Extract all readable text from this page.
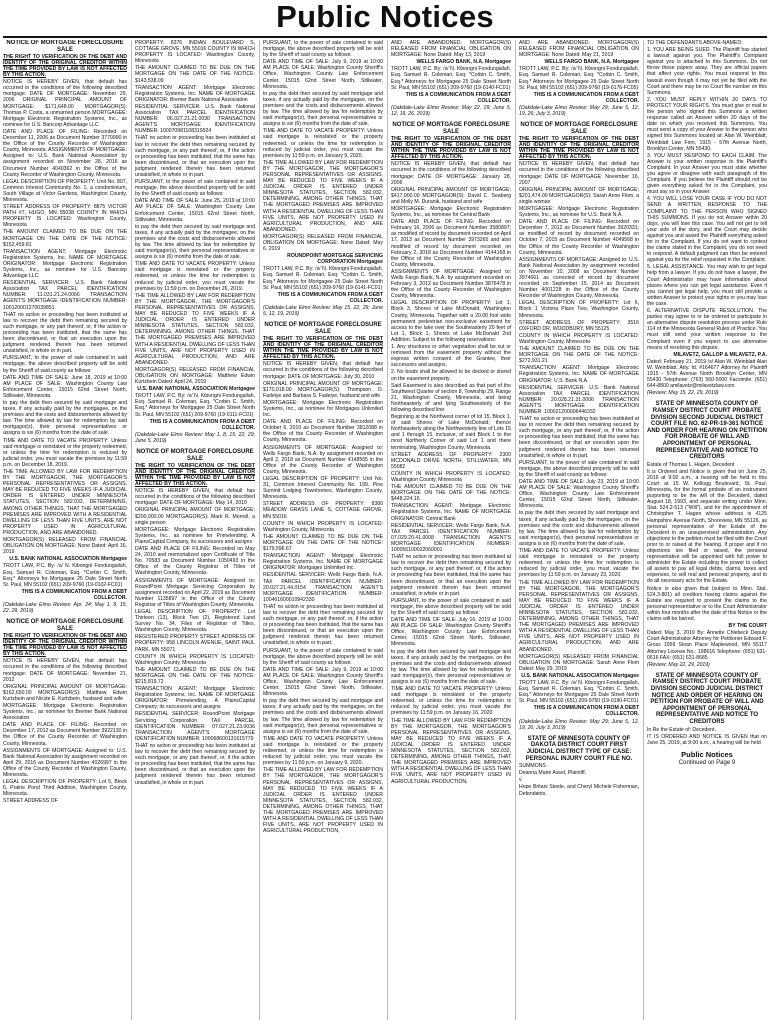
Public Notices
NOTICE OF MORTGAGE FORECLOSURE SALE
THE RIGHT TO VERIFICATION OF THE DEBT AND IDENTITY OF THE ORIGINAL CREDITOR WITHIN THE TIME PROVIDED BY LAW IS NOT AFFECTED BY THIS ACTION.

NOTICE IS HEREBY GIVEN, that default has occurred in the conditions of the following described mortgage: DATE OF MORTGAGE: November 29, 2006 ORIGINAL PRINCIPAL AMOUNT OF MORTGAGE: $171,648.00 MORTGAGOR(S): Thomas P. Costa, a unmarried person MORTGAGEE: Mortgage Electronic Registration Systems, Inc., as nominee for U.S. Bancorp Advantage LLC

DATE AND PLACE OF FILING: Recorded on December 11, 2006 as Document Number 3770990 in the Office of the County Recorder of Washington County, Minnesota. ASSIGNMENTS OF MORTGAGE: Assigned to: U.S. Bank National Association by assignment recorded on November 28, 2016 as Document Number 4040362 in the Office of the County Recorder of Washington County, Minnesota.

LEGAL DESCRIPTION OF PROPERTY: Unit No. 807, Common Interest Community No. 1, a condominium, South Village at Victor Gardens, Washington County, Minnesota.

STREET ADDRESS OF PROPERTY: 8875 VICTOR PATH #7, HUGO, MN 55038 COUNTY IN WHICH PROPERTY IS LOCATED: Washington County, Minnesota

THE AMOUNT CLAIMED TO BE DUE ON THE MORTGAGE ON THE DATE OF THE NOTICE: $152,459.81

TRANSACTION AGENT: Mortgage Electronic Registration Systems, Inc. NAME OF MORTGAGE ORIGINATOR: Mortgage Electronic Registration Systems, Inc., as nominee for U.S. Bancorp Advantage LLC

RESIDENTIAL SERVICER: U.S. Bank National Association TAX PARCEL IDENTIFICATION NUMBER: 11.031.21.24.0066 TRANSACTION AGENT'S MORTGAGE IDENTIFICATION NUMBER: 100120001270039851

THAT no action or proceeding has been instituted at law to recover the debt then remaining secured by such mortgage, or any part thereof, or, if the action or proceeding has been instituted, that the same has been discontinued, or that an execution upon the judgment rendered therein has been returned unsatisfied, in whole or in part.

PURSUANT, to the power of sale contained in said mortgage, the above described property will be sold by the Sheriff of said county as follows:

DATE AND TIME OF SALE: June 18, 2019 at 10:00 AM PLACE OF SALE: Washington County Law Enforcement Center, 15015 62nd Street North, Stillwater, Minnesota.

to pay the debt then secured by said mortgage and taxes, if any actually paid by the mortgagee, on the premises and the costs and disbursements allowed by law. The time allowed by law for redemption by said mortgagor(s), their personal representatives or assigns is six (6) months from the date of sale.

TIME AND DATE TO VACATE PROPERTY: Unless said mortgage is reinstated or the property redeemed, or unless the time for redemption is reduced by judicial order, you must vacate the premises by 11:59 p.m. on December 18, 2019.

THE TIME ALLOWED BY LAW FOR REDEMPTION BY THE MORTGAGOR, THE MORTGAGOR'S PERSONAL REPRESENTATIVES OR ASSIGNS, MAY BE REDUCED TO FIVE WEEKS IF A JUDICIAL ORDER IS ENTERED UNDER MINNESOTA STATUTES, SECTION 582.032, DETERMINING, AMONG OTHER THINGS, THAT THE MORTGAGED PREMISES ARE IMPROVED WITH A RESIDENTIAL DWELLING OF LESS THAN FIVE UNITS, ARE NOT PROPERTY USED IN AGRICULTURAL PRODUCTION, AND ARE ABANDONED.

MORTGAGOR(S) RELEASED FROM FINANCIAL OBLIGATION ON MORTGAGE: None Dated: April 16, 2019

U.S. BANK NATIONAL ASSOCIATION Mortgagee

TROTT LAW, P.C. By: /s/ N. Kibongni Fondungallah, Esq. Samuel R. Coleman, Esq. *Corbin C. Smith, Esq.* Attorneys for Mortgagee 25 Dale Street North St. Paul, MN 55102 (651) 209-9760 (19-0102-FC01)

THIS IS A COMMUNICATION FROM A DEBT COLLECTOR.

(Oakdale-Lake Elmo Review: Apr. 24; May 1, 8, 15, 22, 29, 2019)

NOTICE OF MORTGAGE FORECLOSURE SALE
THE RIGHT TO VERIFICATION OF THE DEBT AND IDENTITY OF THE ORIGINAL CREDITOR WITHIN THE TIME PROVIDED BY LAW IS NOT AFFECTED BY THIS ACTION.

NOTICE IS HEREBY GIVEN, that default has occurred in the conditions of the following described mortgage: DATE OF MORTGAGE: November 21, 2012

ORIGINAL PRINCIPAL AMOUNT OF MORTGAGE: $162,650.00 MORTGAGOR(S): Matthew Edwin Kurtzbein and Nicole E. Kurtzbein, husband and wife

MORTGAGEE: Mortgage Electronic Registration Systems, Inc., as nominee for Bremer Bank National Association

DATE AND PLACE OF FILING: Recorded on December 17, 2012 as Document Number 3922130 in the Office of the County Recorder of Washington County, Minnesota.

ASSIGNMENTS OF MORTGAGE: Assigned to: U.S. Bank National Association by assignment recorded on April 29, 2016 as Document Number 4026997 in the Office of the County Recorder of Washington County, Minnesota.

LEGAL DESCRIPTION OF PROPERTY: Lot 5, Block 6, Prairie Pond Third Addition, Washington County, Minnesota.

STREET ADDRESS OF

PROPERTY: 8376 INDIAN BOULEVARD S, COTTAGE GROVE, MN 55016 COUNTY IN WHICH PROPERTY IS LOCATED: Washington County, Minnesota

THE AMOUNT CLAIMED TO BE DUE ON THE MORTGAGE ON THE DATE OF THE NOTICE: $143,538.09

TRANSACTION AGENT: Mortgage Electronic Registration Systems, Inc. NAME OF MORTGAGE ORIGINATOR: Bremer Bank National Association

RESIDENTIAL SERVICER: U.S. Bank National Association TAX PARCEL IDENTIFICATION NUMBER: 06.027.21.21.0030 TRANSACTION AGENT'S MORTGAGE IDENTIFICATION NUMBER: 100070981108319524

THAT no action or proceeding has been instituted at law to recover the debt then remaining secured by such mortgage, or any part thereof, or, if the action or proceeding has been instituted, that the same has been discontinued, or that an execution upon the judgment rendered therein has been returned unsatisfied, in whole or in part.

PURSUANT, to the power of sale contained in said mortgage, the above described property will be sold by the Sheriff of said county as follows:

DATE AND TIME OF SALE: June 25, 2019 at 10:00 AM PLACE OF SALE: Washington County Law Enforcement Center, 15015 62nd Street North, Stillwater, Minnesota.

to pay the debt then secured by said mortgage and taxes, if any actually paid by the mortgagee, on the premises and the costs and disbursements allowed by law. The time allowed by law for redemption by said mortgagor(s), their personal representatives or assigns is six (6) months from the date of sale.

TIME AND DATE TO VACATE PROPERTY: Unless said mortgage is reinstated or the property redeemed, or unless the time for redemption is reduced by judicial order, you must vacate the premises by 11:59 p.m. on December 26, 2019.

THE TIME ALLOWED BY LAW FOR REDEMPTION BY THE MORTGAGOR, THE MORTGAGOR'S PERSONAL REPRESENTATIVES OR ASSIGNS, MAY BE REDUCED TO FIVE WEEKS IF A JUDICIAL ORDER IS ENTERED UNDER MINNESOTA STATUTES, SECTION 582.032, DETERMINING, AMONG OTHER THINGS, THAT THE MORTGAGED PREMISES ARE IMPROVED WITH A RESIDENTIAL DWELLING OF LESS THAN FIVE UNITS, ARE NOT PROPERTY USED IN AGRICULTURAL PRODUCTION, AND ARE ABANDONED.

MORTGAGOR(S) RELEASED FROM FINANCIAL OBLIGATION ON MORTGAGE: Matthew Edwin Kurtzbein Dated: April 24, 2019

U.S. BANK NATIONAL ASSOCIATION Mortgagee

TROTT LAW, P.C. By: /s/ N. Kibongni Fondungallah, Esq. Samuel R. Coleman, Esq. *Corbin C. Smith, Esq.* Attorneys for Mortgagee 25 Dale Street North St. Paul, MN 55102 (651) 209-9760 (19-0111-FC01)

THIS IS A COMMUNICATION FROM A DEBT COLLECTOR.

(Oakdale-Lake Elmo Review: May 1, 8, 15, 22, 29; June 5, 2019)

NOTICE OF MORTGAGE FORECLOSURE SALE
THE RIGHT TO VERIFICATION OF THE DEBT AND IDENTITY OF THE ORIGINAL CREDITOR WITHIN THE TIME PROVIDED BY LAW IS NOT AFFECTED BY THIS ACTION.

NOTICE IS HEREBY GIVEN, that default has occurred in the conditions of the following described mortgage: DATE OF MORTGAGE: May 14, 2010

ORIGINAL PRINCIPAL AMOUNT OF MORTGAGE: $200,000.00 MORTGAGOR(S): Mark R. Morrell, a single person

MORTGAGEE: Mortgage Electronic Registration Systems, Inc., as nominee for Primelending, A PlainsCapital Company, its successors and assigns

DATE AND PLACE OF FILING: Recorded on May 24, 2010 and memorialized upon Certificate of Title No. 70583 as Document Number 1050493 in the Office of the County Registrar of Titles of Washington County, Minnesota.

ASSIGNMENTS OF MORTGAGE: Assigned to: RoundPoint Mortgage Servicing Corporation by assignment recorded on April 22, 2019 as Document Number 1135897 in the Office of the County Registrar of Titles of Washington County, Minnesota.

LEGAL DESCRIPTION OF PROPERTY: Lot Thirteen (13), Block Two (2), Registered Land Survey No. 34, Files of Registrar of Titles, Washington County, Minnesota.

REGISTERED PROPERTY STREET ADDRESS OF PROPERTY: 958 LINCOLN AVENUE, SAINT PAUL PARK, MN 55071

COUNTY IN WHICH PROPERTY IS LOCATED: Washington County, Minnesota

THE AMOUNT CLAIMED TO BE DUE ON THE MORTGAGE ON THE DATE OF THE NOTICE: $215,819.72

TRANSACTION AGENT: Mortgage Electronic Registration Systems, Inc. NAME OF MORTGAGE ORIGINATOR: Primelending, A PlainsCapital Company, its successors and assigns

RESIDENTIAL SERVICER: RoundPoint Mortgage Servicing Corporation TAX PARCEL IDENTIFICATION NUMBER: 07.027.21.23.0036 TRANSACTION AGENT'S MORTGAGE IDENTIFICATION NUMBER: 100068600131615779

THAT no action or proceeding has been instituted at law to recover the debt then remaining secured by such mortgage, or any part thereof, or, if the action or proceeding has been instituted, that the same has been discontinued, or that an execution upon the judgment rendered therein has been returned unsatisfied, in whole or in part.

PURSUANT, to the power of sale contained in said mortgage, the above described property will be sold by the Sheriff of said county as follows:

DATE AND TIME OF SALE: July 9, 2019 at 10:00 AM PLACE OF SALE: Washington County Sheriff's Office, Washington County Law Enforcement Center, 15015 62nd Street North, Stillwater, Minnesota.

to pay the debt then secured by said mortgage and taxes, if any actually paid by the mortgagee, on the premises and the costs and disbursements allowed by law. The time allowed by law for redemption by said mortgagor(s), their personal representatives or assigns is six (6) months from the date of sale.

TIME AND DATE TO VACATE PROPERTY: Unless said mortgage is reinstated or the property redeemed, or unless the time for redemption is reduced by judicial order, you must vacate the premises by 11:59 p.m. on January 9, 2020.

THE TIME ALLOWED BY LAW FOR REDEMPTION BY THE MORTGAGOR, THE MORTGAGOR'S PERSONAL REPRESENTATIVES OR ASSIGNS, MAY BE REDUCED TO FIVE WEEKS IF A JUDICIAL ORDER IS ENTERED UNDER MINNESOTA STATUTES, SECTION 582.032, DETERMINING, AMONG OTHER THINGS, THAT THE MORTGAGED PREMISES ARE IMPROVED WITH A RESIDENTIAL DWELLING OF LESS THAN FIVE UNITS, ARE NOT PROPERTY USED IN AGRICULTURAL PRODUCTION, AND ARE ABANDONED.

MORTGAGOR(S) RELEASED FROM FINANCIAL OBLIGATION ON MORTGAGE: None Dated: May 6, 2019

ROUNDPOINT MORTGAGE SERVICING CORPORATION Mortgagee

TROTT LAW, P.C. By: /s/ N. Kibongni Fondungallah, Esq. Samuel R. Coleman, Esq. *Corbin C. Smith, Esq.* Attorneys for Mortgagee 25 Dale Street North St. Paul, MN 55102 (651) 209-9760 (19-0141-FC01)

THIS IS A COMMUNICATION FROM A DEBT COLLECTOR.

(Oakdale-Lake Elmo Review: May 15, 22, 29; June 5, 12, 19, 2019)

NOTICE OF MORTGAGE FORECLOSURE SALE
THE RIGHT TO VERIFICATION OF THE DEBT AND IDENTITY OF THE ORIGINAL CREDITOR WITHIN THE TIME PROVIDED BY LAW IS NOT AFFECTED BY THIS ACTION.

NOTICE IS HEREBY GIVEN, that default has occurred in the conditions of the following described mortgage: DATE OF MORTGAGE: July 30, 2010

ORIGINAL PRINCIPAL AMOUNT OF MORTGAGE: $170,018.00 MORTGAGOR(S): Thompson O. Fadeiye and Barbara S. Fadeiye, husband and wife

MORTGAGEE: Mortgage Electronic Registration Systems, Inc., as nominee for Mortgages Unlimited Inc.

DATE AND PLACE OF FILING: Recorded on October 6, 2010 as Document Number 3812088 in the Office of the County Recorder of Washington County, Minnesota.

ASSIGNMENTS OF MORTGAGE: Assigned to: Wells Fargo Bank, N.A. by assignment recorded on April 2, 2018 as Document Number 4148565 in the Office of the County Recorder of Washington County, Minnesota.

LEGAL DESCRIPTION OF PROPERTY: Unit No. 31, Common Interest Community No. 199, Pine Summit Lodging Townhomes, Washington County, Minnesota.

STREET ADDRESS OF PROPERTY: 8380 MEADOW GRASS LANE S, COTTAGE GROVE, MN 55016

COUNTY IN WHICH PROPERTY IS LOCATED: Washington County, Minnesota

THE AMOUNT CLAIMED TO BE DUE ON THE MORTGAGE ON THE DATE OF THE NOTICE: $179,596.67

TRANSACTION AGENT: Mortgage Electronic Registration Systems, Inc. NAME OF MORTGAGE ORIGINATOR: Mortgages Unlimited Inc.

RESIDENTIAL SERVICER: Wells Fargo Bank, N.A. TAX PARCEL IDENTIFICATION NUMBER: 20.027.21.44.0154 TRANSACTION AGENT'S MORTGAGE IDENTIFICATION NUMBER: 100461600010942330

THAT no action or proceeding has been instituted at law to recover the debt then remaining secured by such mortgage, or any part thereof, or, if the action or proceeding has been instituted, that the same has been discontinued, or that an execution upon the judgment rendered therein has been returned unsatisfied, in whole or in part.

PURSUANT, to the power of sale contained in said mortgage, the above described property will be sold by the Sheriff of said county as follows:

DATE AND TIME OF SALE: July 9, 2019 at 10:00 AM PLACE OF SALE: Washington County Sheriff's Office, Washington County Law Enforcement Center, 15015 62nd Street North, Stillwater, Minnesota.

to pay the debt then secured by said mortgage and taxes, if any actually paid by the mortgagee, on the premises and the costs and disbursements allowed by law. The time allowed by law for redemption by said mortgagor(s), their personal representatives or assigns is six (6) months from the date of sale.

TIME AND DATE TO VACATE PROPERTY: Unless said mortgage is reinstated or the property redeemed, or unless the time for redemption is reduced by judicial order, you must vacate the premises by 11:59 p.m. on January 9, 2020.

THE TIME ALLOWED BY LAW FOR REDEMPTION BY THE MORTGAGOR, THE MORTGAGOR'S PERSONAL REPRESENTATIVES OR ASSIGNS, MAY BE REDUCED TO FIVE WEEKS IF A JUDICIAL ORDER IS ENTERED UNDER MINNESOTA STATUTES, SECTION 582.032, DETERMINING, AMONG OTHER THINGS, THAT THE MORTGAGED PREMISES ARE IMPROVED WITH A RESIDENTIAL DWELLING OF LESS THAN FIVE UNITS, ARE NOT PROPERTY USED IN AGRICULTURAL PRODUCTION,

AND ARE ABANDONED. MORTGAGOR(S) RELEASED FROM FINANCIAL OBLIGATION ON MORTGAGE: None Dated: May 13, 2019

WELLS FARGO BANK, N.A. Mortgagee

TROTT LAW, P.C. By: /s/ N. Kibongni Fondungallah, Esq. Samuel R. Coleman, Esq. *Corbin C. Smith, Esq.* Attorneys for Mortgagee 25 Dale Street North St. Paul, MN 55102 (651) 209-9760 (19-0140-FC01)

THIS IS A COMMUNICATION FROM A DEBT COLLECTOR.

(Oakdale-Lake Elmo Review: May 22, 29; June 5, 12, 19, 26, 2019)

NOTICE OF MORTGAGE FORECLOSURE SALE
THE RIGHT TO VERIFICATION OF THE DEBT AND IDENTITY OF THE ORIGINAL CREDITOR WITHIN THE TIME PROVIDED BY LAW IS NOT AFFECTED BY THIS ACTION.

NOTICE IS HEREBY GIVEN, that default has occurred in the conditions of the following described mortgage: DATE OF MORTGAGE: January 28, 2006

ORIGINAL PRINCIPAL AMOUNT OF MORTGAGE: $417,000.00 MORTGAGOR(S): David C. Seaberg and Molly M. Duranik, husband and wife

MORTGAGEE: Mortgage Electronic Registration Systems, Inc., as nominee for Central Bank

DATE AND PLACE OF FILING: Recorded on February 16, 2006 as Document Number 3580897; as modified of record by document recorded on April 17, 2013 as Document Number 3973265 and also modified of record by document recorded on February 2, 2018 as Document Number 4144168 in the Office of the County Recorder of Washington County, Minnesota.

ASSIGNMENTS OF MORTGAGE: Assigned to: Wells Fargo Bank, N.A. by assignment recorded on February 3, 2012 as Document Number 3876478 in the Office of the County Recorder of Washington County, Minnesota.

LEGAL DESCRIPTION OF PROPERTY: Lot 1, Block 3, Shores of Lake McDonald, Washington County, Minnesota. Together with a 20.00 foot wide permanent pedestrian non-exclusive easement for access to the lake over the Southeasterly 20 feet of Lot 1, Block 1, Shores of Lake McDonald 2nd Addition. Subject to the following reservations:

1. Any structures or other vegetation shall be cut or removed from the easement property without the express written consent of the Grantee, their successors and assigns.

2. No boats shall be allowed to be docked or stored on the easement property.

Said Easement is also described as that part of the Southwest Quarter of section 8, Township 29, Range 21, Washington County, Minnesota, and being Northeasterly of and lying Southwesterly of the following described line:

Beginning at the Northwest corner of lot 15, Block 1, of said Shores of Lake McDonald; thence Northeasterly along the Northwesterly line of Lots 15 and 1 through 15, inclusive, of said Block 1 to the most Northerly Corner of said Lot 1 and there terminating, Washington County, Minnesota.

STREET ADDRESS OF PROPERTY: 2300 MCDONALD DRIVE NORTH, STILLWATER, MN 55082

COUNTY IN WHICH PROPERTY IS LOCATED: Washington County, Minnesota

THE AMOUNT CLAIMED TO BE DUE ON THE MORTGAGE ON THE DATE OF THE NOTICE: $448,224.16

TRANSACTION AGENT: Mortgage Electronic Registration Systems, Inc. NAME OF MORTGAGE ORIGINATOR: Central Bank

RESIDENTIAL SERVICER: Wells Fargo Bank, N.A. TAX PARCEL IDENTIFICATION NUMBER: 07.029.20.41.0008 TRANSACTION AGENT'S MORTGAGE IDENTIFICATION NUMBER: 100056100022060001

THAT no action or proceeding has been instituted at law to recover the debt then remaining secured by such mortgage, or any part thereof, or, if the action or proceeding has been instituted, that the same has been discontinued, or that an execution upon the judgment rendered therein has been returned unsatisfied, in whole or in part.

PURSUANT, to the power of sale contained in said mortgage, the above described property will be sold by the Sheriff of said county as follows:

DATE AND TIME OF SALE: July 16, 2019 at 10:00 AM PLACE OF SALE: Washington County Sheriff's Office, Washington County Law Enforcement Center, 15015 62nd Street North, Stillwater, Minnesota.

to pay the debt then secured by said mortgage and taxes, if any actually paid by the mortgagee, on the premises and the costs and disbursements allowed by law. The time allowed by law for redemption by said mortgagor(s), their personal representatives or assigns is six (6) months from the date of sale.

TIME AND DATE TO VACATE PROPERTY: Unless said mortgage is reinstated or the property redeemed, or unless the time for redemption is reduced by judicial order, you must vacate the premises by 11:59 p.m. on January 16, 2020.

THE TIME ALLOWED BY LAW FOR REDEMPTION BY THE MORTGAGOR, THE MORTGAGOR'S PERSONAL REPRESENTATIVES OR ASSIGNS, MAY BE REDUCED TO FIVE WEEKS IF A JUDICIAL ORDER IS ENTERED UNDER MINNESOTA STATUTES, SECTION 582.032, DETERMINING, AMONG OTHER THINGS, THAT THE MORTGAGED PREMISES ARE IMPROVED WITH A RESIDENTIAL DWELLING OF LESS THAN FIVE UNITS, ARE NOT PROPERTY USED IN AGRICULTURAL PRODUCTION,

AND ARE ABANDONED. MORTGAGOR(S) RELEASED FROM FINANCIAL OBLIGATION ON MORTGAGE: None Dated: May 21, 2019

WELLS FARGO BANK, N.A. Mortgagee

TROTT LAW, P.C. By: /s/ N. Kibongni Fondungallah, Esq. Samuel R. Coleman, Esq. *Corbin C. Smith, Esq.* Attorneys for Mortgagee 25 Dale Street North St. Paul, MN 55102 (651) 209-9760 (19-0176-FC05)

THIS IS A COMMUNICATION FROM A DEBT COLLECTOR.

(Oakdale-Lake Elmo Review: May 29; June 5, 12, 19, 26; July 3, 2019)

NOTICE OF MORTGAGE FORECLOSURE SALE
THE RIGHT TO VERIFICATION OF THE DEBT AND IDENTITY OF THE ORIGINAL CREDITOR WITHIN THE TIME PROVIDED BY LAW IS NOT AFFECTED BY THIS ACTION.

NOTICE IS HEREBY GIVEN, that default has occurred in the conditions of the following described mortgage: DATE OF MORTGAGE: November 16, 2007

ORIGINAL PRINCIPAL AMOUNT OF MORTGAGE: $201,474.00 MORTGAGOR(S): Sarah Anne Flom, a single woman

MORTGAGEE: Mortgage Electronic Registration Systems, Inc., as nominee for U.S. Bank N.A.

DATE AND PLACE OF FILING: Recorded on December 7, 2012 as Document Number 3920331; as modified of record by document recorded on October 7, 2015 as Document Number 4049568 in the Office of the County Recorder of Washington County, Minnesota.

ASSIGNMENTS OF MORTGAGE: Assigned to: U.S. Bank National Association by assignment recorded on November 10, 2008 as Document Number 3974661 as corrected of record by document recorded on September 15, 2014 as Document Number 4001228 in the Office of the County Recorder of Washington County, Minnesota.

LEGAL DESCRIPTION OF PROPERTY: Lot 6, Block 1 Victoria Place Two, Washington County, Minnesota.

STREET ADDRESS OF PROPERTY: 3516 OXFORD DR, WOODBURY, MN 55125

COUNTY IN WHICH PROPERTY IS LOCATED: Washington County, Minnesota

THE AMOUNT CLAIMED TO BE DUE ON THE MORTGAGE ON THE DATE OF THE NOTICE: $272,931.21

TRANSACTION AGENT: Mortgage Electronic Registration Systems, Inc. NAME OF MORTGAGE ORIGINATOR: U.S. Bank N.A.

RESIDENTIAL SERVICER: U.S. Bank National Association TAX PARCEL IDENTIFICATION NUMBER: 20.028.21.31.0006 TRANSACTION AGENT'S MORTGAGE IDENTIFICATION NUMBER: 100021200006446332

THAT no action or proceeding has been instituted at law to recover the debt then remaining secured by such mortgage, or any part thereof, or, if the action or proceeding has been instituted, that the same has been discontinued, or that an execution upon the judgment rendered therein has been returned unsatisfied, in whole or in part.

PURSUANT, to the power of sale contained in said mortgage, the above described property will be sold by the Sheriff of said county as follows:

DATE AND TIME OF SALE: July 23, 2019 at 10:00 AM PLACE OF SALE: Washington County Sheriff's Office, Washington County Law Enforcement Center, 15015 62nd Street North, Stillwater, Minnesota.

to pay the debt then secured by said mortgage and taxes, if any actually paid by the mortgagee, on the premises and the costs and disbursements allowed by law. The time allowed by law for redemption by said mortgagor(s), their personal representatives or assigns is six (6) months from the date of sale.

TIME AND DATE TO VACATE PROPERTY: Unless said mortgage is reinstated or the property redeemed, or unless the time for redemption is reduced by judicial order, you must vacate the premises by 11:59 p.m. on January 23, 2020.

THE TIME ALLOWED BY LAW FOR REDEMPTION BY THE MORTGAGOR, THE MORTGAGOR'S PERSONAL REPRESENTATIVES OR ASSIGNS, MAY BE REDUCED TO FIVE WEEKS IF A JUDICIAL ORDER IS ENTERED UNDER MINNESOTA STATUTES, SECTION 582.032, DETERMINING, AMONG OTHER THINGS, THAT THE MORTGAGED PREMISES ARE IMPROVED WITH A RESIDENTIAL DWELLING OF LESS THAN FIVE UNITS, ARE NOT PROPERTY USED IN AGRICULTURAL PRODUCTION, AND ARE ABANDONED.

MORTGAGOR(S) RELEASED FROM FINANCIAL OBLIGATION ON MORTGAGE: Sarah Anne Flom Dated: May 29, 2019

U.S. BANK NATIONAL ASSOCIATION Mortgagee

TROTT LAW, P.C. By: /s/ N. Kibongni Fondungallah, Esq. Samuel R. Coleman, Esq. *Corbin C. Smith, Esq.* Attorneys for Mortgagee 25 Dale Street North St. Paul, MN 55102 (651) 209-9760 (19-0190-FC01)

THIS IS A COMMUNICATION FROM A DEBT COLLECTOR.

(Oakdale-Lake Elmo Review: May 29; June 5, 12, 19, 26; July 3, 2019)

STATE OF MINNESOTA COUNTY OF DAKOTA DISTRICT COURT FIRST JUDICIAL DISTRICT TYPE OF CASE: PERSONAL INJURY COURT FILE NO.

SUMMONS

Deanna Marie Assel, Plaintiff,

v.

Hope Britani Steele, and Cheryl Michele Fisherman, Defendants.

TO THE DEFENDANTS ABOVE-NAMED:

1. YOU ARE BEING SUED. The Plaintiff has started a lawsuit against you. The Plaintiff's Complaint against you is attached to this Summons. Do not throw these papers away. They are official papers that affect your rights. You must respond to this lawsuit even though it may not yet be filed with the Court and there may be no Court file number on this Summons.

2. YOU MUST REPLY WITHIN 20 DAYS TO PROTECT YOUR RIGHTS. You must give or mail to the person who signed this Summons a written response called an Answer within 20 days of the date on which you received this Summons. You must send a copy of your Answer to the person who signed this Summons located at: Alan W. Weinblatt, Weinblatt Law Firm, 1915 - 57th Avenue North, Brooklyn Center, MN 55430.

3. YOU MUST RESPOND TO EACH CLAIM. The Answer is your written response to the Plaintiff's Complaint. In your Answer you must state whether you agree or disagree with each paragraph of the Complaint. If you believe the Plaintiff should not be given everything asked for in the Complaint, you must say so in your Answer.

4. YOU WILL LOSE YOUR CASE IF YOU DO NOT SEND A WRITTEN RESPONSE TO THE COMPLAINT TO THE PERSON WHO SIGNED THIS SUMMONS. If you do not Answer within 20 days, you will lose this case. You will not get to tell your side of the story, and the Court may decide against you and award the Plaintiff everything asked for in the Complaint. If you do not want to contest the claims stated in the Complaint, you do not need to respond. A default judgment can then be entered against you for the relief requested in the Complaint.

5. LEGAL ASSISTANCE. You may wish to get legal help from a lawyer. If you do not have a lawyer, the Court Administrator may have information about places where you can get legal assistance. Even if you cannot get legal help, you must still provide a written Answer to protect your rights or you may lose the case.

6. ALTERNATIVE DISPUTE RESOLUTION. The parties may agree to or be ordered to participate in an alternative dispute resolution process under Rule 114 of the Minnesota General Rules of Practice. You must still send your written response to the Complaint even if you expect to use alternative means of resolving this dispute.

MILAVETZ, GALLOP & MILAVETZ, P.A.

Dated: February 21, 2019 /s/ Alan W. Weinblatt Alan W. Weinblatt, Atty. Id. #164677 Attorney for Plaintiff 1915 - 57th Avenue North Brooklyn Center, MN 55430 Telephone: (763) 560-5000 Facsimile: (651) 644-8800 amilavetz@milavetzlaw.com

(Review: May 15, 22, 29, 2019)

STATE OF MINNESOTA COUNTY OF RAMSEY DISTRICT COURT PROBATE DIVISION SECOND JUDICIAL DISTRICT COURT FILE NO. 62-PR-19-361 NOTICE AND ORDER FOR HEARING ON PETITION FOR PROBATE OF WILL AND APPOINTMENT OF PERSONAL REPRESENTATIVE AND NOTICE TO CREDITORS

Estate of Thomas L. Hagen, Decedent

It is Ordered and Notice is given that on June 25, 2019 at 9:00 a.m., a hearing will be held in this Court at 15 W. Kellogg Boulevard, St. Paul, Minnesota, for the formal probate of an instrument purporting to be the will of the Decedent, dated August 18, 1993, and separate writing under Minn. Stat. 524.2-513 ("Will"), and for the appointment of Christopher T. Hagen whose address is 4125 Hampshire Avenue North, Shoreview, MN 55126, as personal representative of the Estate of the Decedent in an unsupervised administration. Any objections to the petition must be filed with the Court prior to or raised at the hearing. If proper and if no objections are filed or raised, the personal representative will be appointed with full power to administer the Estate including the power to collect all assets to pay all legal debts, claims, taxes and expenses, to sell real and personal property, and to do all necessary acts for the Estate.

Notice is also given that (subject to Minn. Stat. 524.3-801) all creditors having claims against the Estate are required to present the claims to the personal representative or to the Court Administrator within four months after the date of this Notice or the claims will be barred.

BY THE COURT

Dated: May 3, 2019 By: Annette Chlebeck Deputy Court Administrator Attorney for Petitioner Edward F. Gross 1959 Sloan Place Maplewood, MN 55117 Attorney License No.: 198616 Telephone: (651) 631-0616 FAX: (651) 631-8685

(Review: May 22, 29, 2019)

STATE OF MINNESOTA COUNTY OF RAMSEY DISTRICT COURT PROBATE DIVISION SECOND JUDICIAL DISTRICT NOTICE AND ORDER OF HEARING ON PETITION FOR PROBATE OF WILL AND APPOINTMENT OF PERSONAL REPRESENTATIVE AND NOTICE TO CREDITORS

In Re the Estate of: Decedent.

IT IS ORDERED AND NOTICE IS GIVEN that on June 25, 2019, at 9:00 a.m., a hearing will be held

Public Notices
Continued on Page 9
